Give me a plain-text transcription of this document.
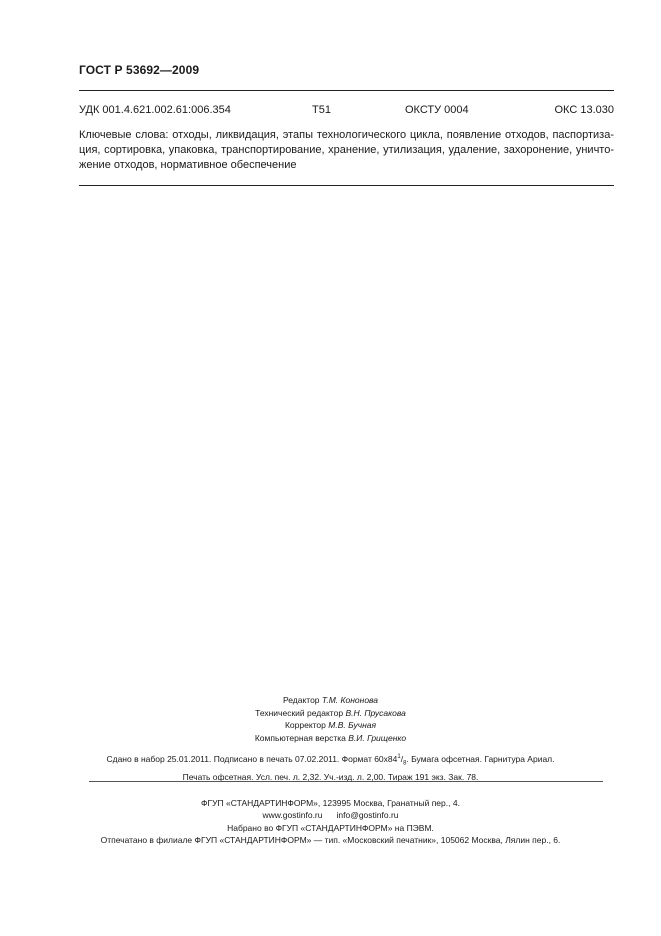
ГОСТ Р 53692—2009
УДК 001.4.621.002.61:006.354	Т51	ОКСТУ 0004	ОКС 13.030
Ключевые слова: отходы, ликвидация, этапы технологического цикла, появление отходов, паспортиза-
ция, сортировка, упаковка, транспортирование, хранение, утилизация, удаление, захоронение, уничто-
жение отходов, нормативное обеспечение
Редактор Т.М. Кононова
Технический редактор В.Н. Прусакова
Корректор М.В. Бучная
Компьютерная верстка В.И. Грищенко
Сдано в набор 25.01.2011. Подписано в печать 07.02.2011. Формат $60х84^1/_8$. Бумага офсетная. Гарнитура Ариал.
Печать офсетная. Усл. печ. л. 2,32. Уч.-изд. л. 2,00. Тираж 191 экз. Зак. 78.
ФГУП «СТАНДАРТИНФОРМ», 123995 Москва, Гранатный пер., 4.
www.gostinfo.ru info@gostinfo.ru
Набрано во ФГУП «СТАНДАРТИНФОРМ» на ПЭВМ.
Отпечатано в филиале ФГУП «СТАНДАРТИНФОРМ» — тип. «Московский печатник», 105062 Москва, Лялин пер., 6.
